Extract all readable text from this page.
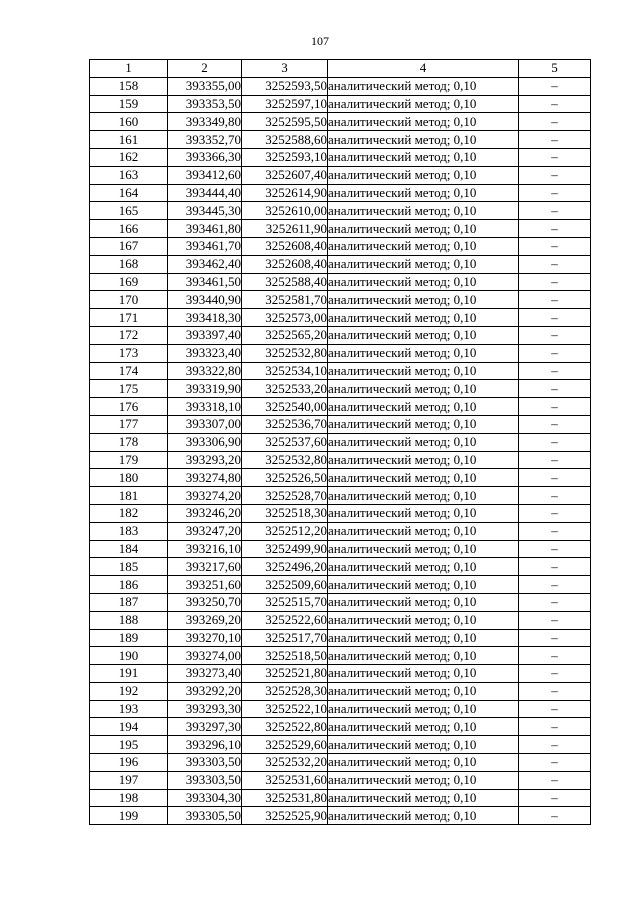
107
1	2	3	4	5
158	393355,00	3252593,50	аналитический метод; 0,10	–
159	393353,50	3252597,10	аналитический метод; 0,10	–
160	393349,80	3252595,50	аналитический метод; 0,10	–
161	393352,70	3252588,60	аналитический метод; 0,10	–
162	393366,30	3252593,10	аналитический метод; 0,10	–
163	393412,60	3252607,40	аналитический метод; 0,10	–
164	393444,40	3252614,90	аналитический метод; 0,10	–
165	393445,30	3252610,00	аналитический метод; 0,10	–
166	393461,80	3252611,90	аналитический метод; 0,10	–
167	393461,70	3252608,40	аналитический метод; 0,10	–
168	393462,40	3252608,40	аналитический метод; 0,10	–
169	393461,50	3252588,40	аналитический метод; 0,10	–
170	393440,90	3252581,70	аналитический метод; 0,10	–
171	393418,30	3252573,00	аналитический метод; 0,10	–
172	393397,40	3252565,20	аналитический метод; 0,10	–
173	393323,40	3252532,80	аналитический метод; 0,10	–
174	393322,80	3252534,10	аналитический метод; 0,10	–
175	393319,90	3252533,20	аналитический метод; 0,10	–
176	393318,10	3252540,00	аналитический метод; 0,10	–
177	393307,00	3252536,70	аналитический метод; 0,10	–
178	393306,90	3252537,60	аналитический метод; 0,10	–
179	393293,20	3252532,80	аналитический метод; 0,10	–
180	393274,80	3252526,50	аналитический метод; 0,10	–
181	393274,20	3252528,70	аналитический метод; 0,10	–
182	393246,20	3252518,30	аналитический метод; 0,10	–
183	393247,20	3252512,20	аналитический метод; 0,10	–
184	393216,10	3252499,90	аналитический метод; 0,10	–
185	393217,60	3252496,20	аналитический метод; 0,10	–
186	393251,60	3252509,60	аналитический метод; 0,10	–
187	393250,70	3252515,70	аналитический метод; 0,10	–
188	393269,20	3252522,60	аналитический метод; 0,10	–
189	393270,10	3252517,70	аналитический метод; 0,10	–
190	393274,00	3252518,50	аналитический метод; 0,10	–
191	393273,40	3252521,80	аналитический метод; 0,10	–
192	393292,20	3252528,30	аналитический метод; 0,10	–
193	393293,30	3252522,10	аналитический метод; 0,10	–
194	393297,30	3252522,80	аналитический метод; 0,10	–
195	393296,10	3252529,60	аналитический метод; 0,10	–
196	393303,50	3252532,20	аналитический метод; 0,10	–
197	393303,50	3252531,60	аналитический метод; 0,10	–
198	393304,30	3252531,80	аналитический метод; 0,10	–
199	393305,50	3252525,90	аналитический метод; 0,10	–
